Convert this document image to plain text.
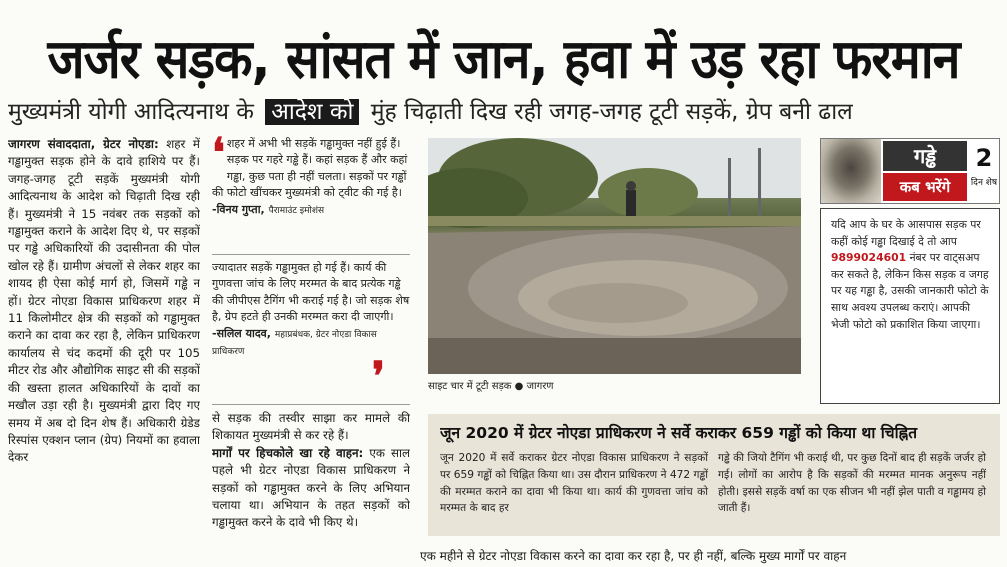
जर्जर सड़क, सांसत में जान, हवा में उड़ रहा फरमान
मुख्यमंत्री योगी आदित्यनाथ के आदेश को मुंह चिढ़ाती दिख रही जगह-जगह टूटी सड़कें, ग्रेप बनी ढाल
जागरण संवाददाता, ग्रेटर नोएडा: शहर में गड्ढामुक्त सड़क होने के दावे हाशिये पर हैं। जगह-जगह टूटी सड़कें मुख्यमंत्री योगी आदित्यनाथ के आदेश को चिढ़ाती दिख रही हैं। मुख्यमंत्री ने 15 नवंबर तक सड़कों को गड्ढामुक्त कराने के आदेश दिए थे, पर सड़कों पर गड्ढे अधिकारियों की उदासीनता की पोल खोल रहे हैं। ग्रामीण अंचलों से लेकर शहर का शायद ही ऐसा कोई मार्ग हो, जिसमें गड्ढे न हों। ग्रेटर नोएडा विकास प्राधिकरण शहर में 11 किलोमीटर क्षेत्र की सड़कों को गड्ढामुक्त कराने का दावा कर रहा है, लेकिन प्राधिकरण कार्यालय से चंद कदमों की दूरी पर 105 मीटर रोड और औद्योगिक साइट सी की सड़कों की खस्ता हालत अधिकारियों के दावों का मखौल उड़ा रही है। मुख्यमंत्री द्वारा दिए गए समय में अब दो दिन शेष हैं। अधिकारी ग्रेडेड रिस्पांस एक्शन प्लान (ग्रेप) नियमों का हवाला देकर
❛ शहर में अभी भी सड़कें गड्ढामुक्त नहीं हुई हैं। सड़क पर गहरे गड्ढे हैं। कहां सड़क हैं और कहां गड्ढा, कुछ पता ही नहीं चलता। सड़कों पर गड्ढों की फोटो खींचकर मुख्यमंत्री को ट्वीट की गई है। -विनय गुप्ता, पैरामाउंट इमोशंस
ज्यादातर सड़कें गड्ढामुक्त हो गई हैं। कार्य की गुणवत्ता जांच के लिए मरम्मत के बाद प्रत्येक गड्ढे की जीपीएस टैगिंग भी कराई गई है। जो सड़क शेष है, ग्रेप हटते ही उनकी मरम्मत करा दी जाएगी। -सलिल यादव, महाप्रबंधक, ग्रेटर नोएडा विकास प्राधिकरण
❜
से सड़क की तस्वीर साझा कर मामले की शिकायत मुख्यमंत्री से कर रहे हैं।
मार्गों पर हिचकोले खा रहे वाहन: एक साल पहले भी ग्रेटर नोएडा विकास प्राधिकरण ने सड़कों को गड्ढामुक्त करने के लिए अभियान चलाया था। अभियान के तहत सड़कों को गड्ढामुक्त करने के दावे भी किए थे।
साइट चार में टूटी सड़क ● जागरण
गड्ढे
कब भरेंगे
2
दिन शेष
यदि आप के घर के आसपास सड़क पर कहीं कोई गड्ढा दिखाई दे तो आप 9899024601 नंबर पर वाट्सअप कर सकते है, लेकिन किस सड़क व जगह पर यह गड्ढा है, उसकी जानकारी फोटो के साथ अवश्य उपलब्ध कराएं। आपकी भेजी फोटो को प्रकाशित किया जाएगा।
जून 2020 में ग्रेटर नोएडा प्राधिकरण ने सर्वे कराकर 659 गड्ढों को किया था चिह्नित
जून 2020 में सर्वे कराकर ग्रेटर नोएडा विकास प्राधिकरण ने सड़कों पर 659 गड्ढों को चिह्नित किया था। उस दौरान प्राधिकरण ने 472 गड्ढों की मरम्मत कराने का दावा भी किया था। कार्य की गुणवत्ता जांच को मरम्मत के बाद हर
गड्ढे की जियो टैगिंग भी कराई थी, पर कुछ दिनों बाद ही सड़कें जर्जर हो गई। लोगों का आरोप है कि सड़कों की मरम्मत मानक अनुरूप नहीं होती। इससे सड़कें वर्षा का एक सीजन भी नहीं झेल पाती व गड्ढामय हो जाती हैं।
एक महीने से ग्रेटर नोएडा विकास करने का दावा कर रहा है, पर ही नहीं, बल्कि मुख्य मार्गों पर वाहन
